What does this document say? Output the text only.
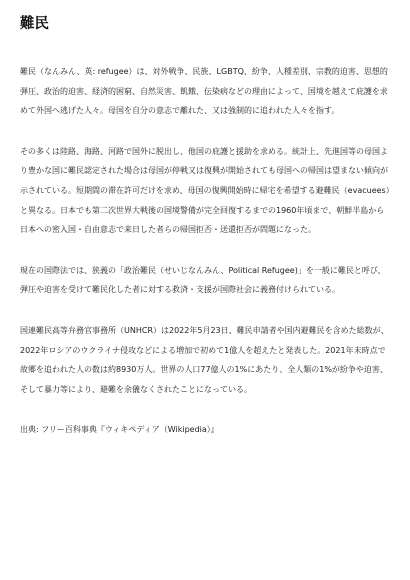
難民

難民（なんみん、英: refugee）は、対外戦争、民族、LGBTQ、紛争、人種差別、宗教的迫害、思想的弾圧、政治的迫害、経済的困窮、自然災害、飢餓、伝染病などの理由によって、国境を越えて庇護を求めて外国へ逃げた人々。母国を自分の意志で離れた、又は強制的に追われた人々を指す。

その多くは陸路、海路、河路で国外に脱出し、他国の庇護と援助を求める。統計上、先進国等の母国より豊かな国に難民認定された場合は母国が停戦又は復興が開始されても母国への帰国は望まない傾向が示されている。短期間の滞在許可だけを求め、母国の復興開始時に帰宅を希望する避難民（evacuees）と異なる。日本でも第二次世界大戦後の国境警備が完全回復するまでの1960年頃まで、朝鮮半島から日本への密入国・自由意志で来日した者らの帰国拒否・送還拒否が問題になった。

現在の国際法では、狭義の「政治難民（せいじなんみん、Political Refugee)」を一般に難民と呼び、弾圧や迫害を受けて難民化した者に対する救済・支援が国際社会に義務付けられている。

国連難民高等弁務官事務所（UNHCR）は2022年5月23日、難民申請者や国内避難民を含めた総数が、2022年ロシアのウクライナ侵攻などによる増加で初めて1億人を超えたと発表した。2021年末時点で故郷を追われた人の数は約8930万人。世界の人口77億人の1%にあたり、全人類の1%が紛争や迫害、そして暴力等により、避難を余儀なくされたことになっている。

出典: フリー百科事典『ウィキペディア（Wikipedia）』
